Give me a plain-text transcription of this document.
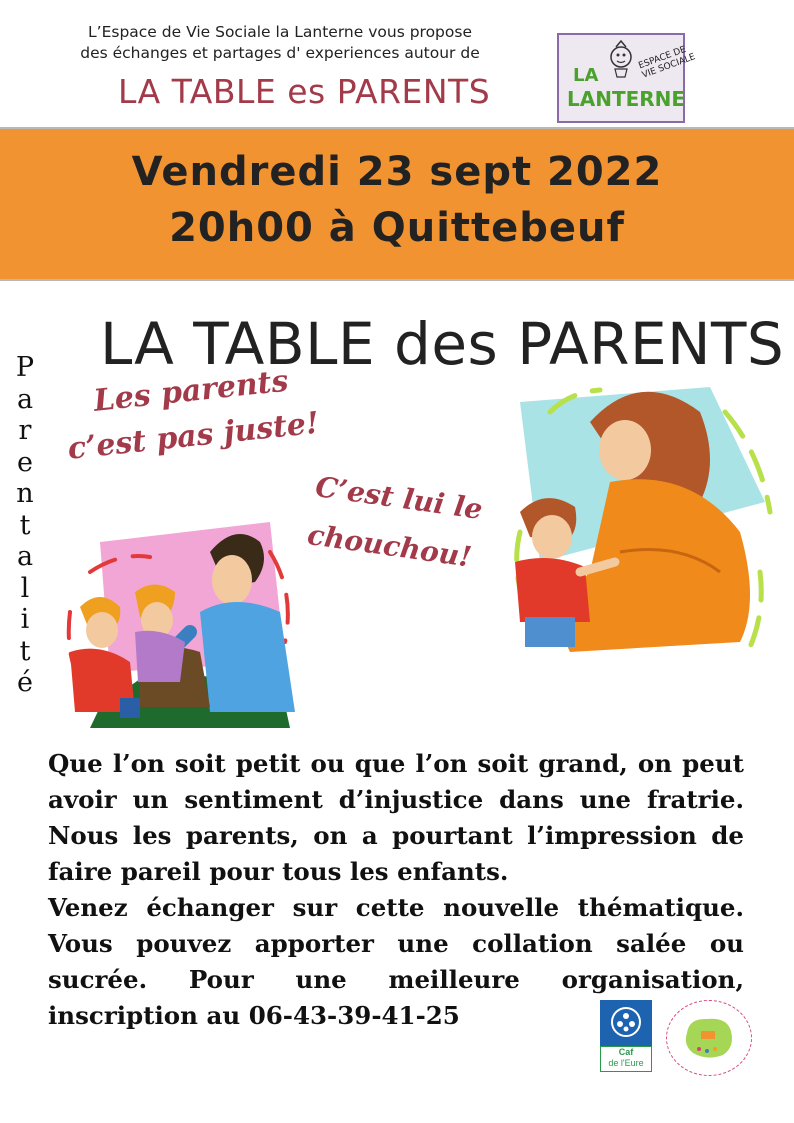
L’Espace de Vie Sociale la Lanterne vous propose
des échanges et partages d' experiences autour de
LA TABLE es PARENTS	LA
LANTERNE
ESPACE DE VIE SOCIALE
Vendredi 23 sept 2022
20h00 à Quittebeuf
LA TABLE des PARENTS
P
a
r
e
n
t
a
l
i
t
é
Les parents
c’est pas juste!
C’est lui le
chouchou!

Que l’on soit petit ou que l’on soit grand, on peut avoir un sentiment d’injustice dans une fratrie. Nous les parents, on a pourtant l’impression de faire pareil pour tous les enfants.

Venez échanger sur cette nouvelle thématique. Vous pouvez apporter une collation salée ou sucrée. Pour une meilleure organisation, inscription au 06-43-39-41-25

Caf
de l'Eure
